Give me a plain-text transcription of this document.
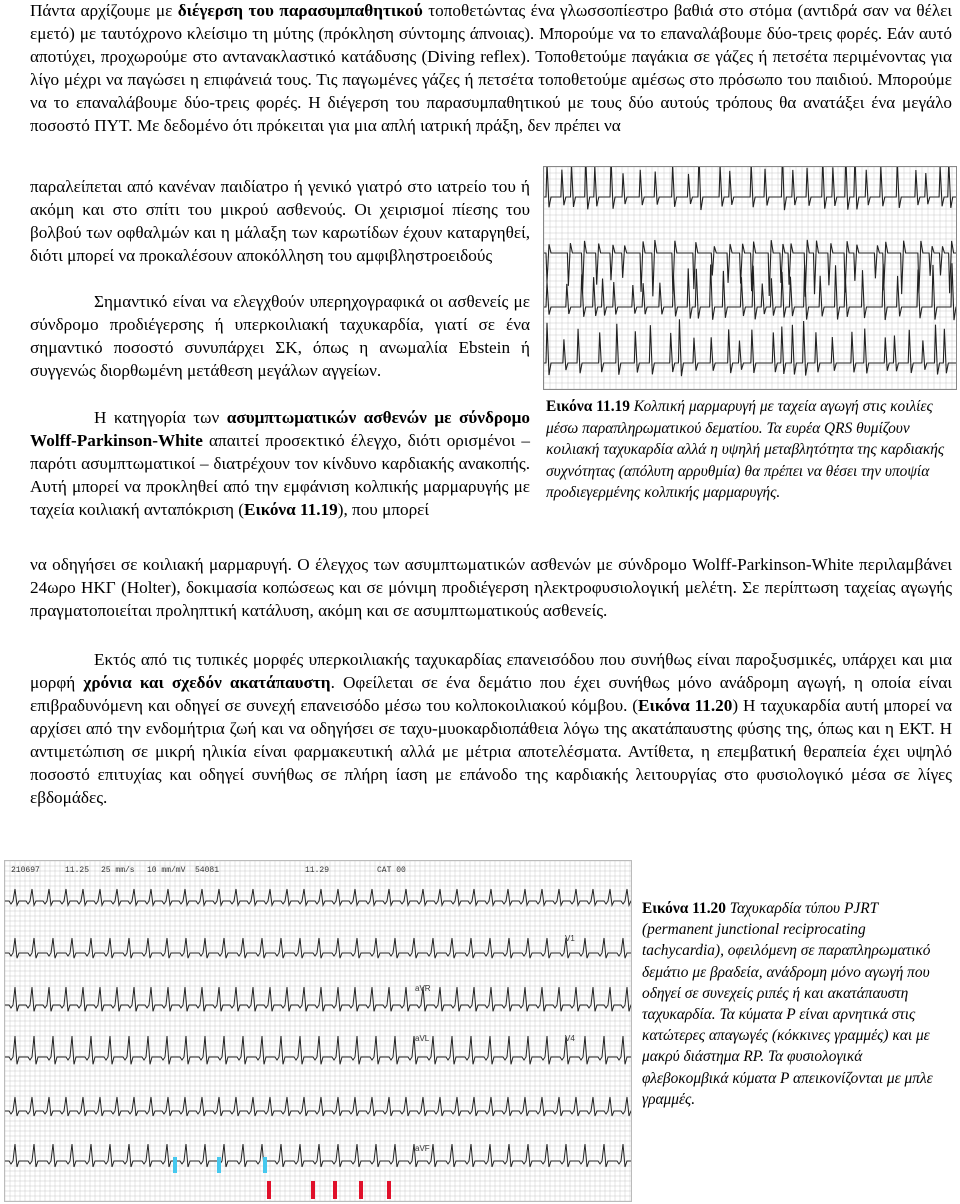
Πάντα αρχίζουμε με διέγερση του παρασυμπαθητικού τοποθετώντας ένα γλωσσοπίεστρο βαθιά στο στόμα (αντιδρά σαν να θέλει εμετό) με ταυτόχρονο κλείσιμο τη μύτης (πρόκληση σύντομης άπνοιας). Μπορούμε να το επαναλάβουμε δύο-τρεις φορές. Εάν αυτό αποτύχει, προχωρούμε στο αντανακλαστικό κατάδυσης (Diving reflex). Τοποθετούμε παγάκια σε γάζες ή πετσέτα περιμένοντας για λίγο μέχρι να παγώσει η επιφάνειά τους. Τις παγωμένες γάζες ή πετσέτα τοποθετούμε αμέσως στο πρόσωπο του παιδιού. Μπορούμε να το επαναλάβουμε δύο-τρεις φορές. Η διέγερση του παρασυμπαθητικού με τους δύο αυτούς τρόπους θα ανατάξει ένα μεγάλο ποσοστό ΠΥΤ. Με δεδομένο ότι πρόκειται για μια απλή ιατρική πράξη, δεν πρέπει να

παραλείπεται από κανέναν παιδίατρο ή γενικό γιατρό στο ιατρείο του ή ακόμη και στο σπίτι του μικρού ασθενούς. Οι χειρισμοί πίεσης του βολβού των οφθαλμών και η μάλαξη των καρωτίδων έχουν καταργηθεί, διότι μπορεί να προκαλέσουν αποκόλληση του αμφιβληστροειδούς

Σημαντικό είναι να ελεγχθούν υπερηχογραφικά οι ασθενείς με σύνδρομο προδιέγερσης ή υπερκοιλιακή ταχυκαρδία, γιατί σε ένα σημαντικό ποσοστό συνυπάρχει ΣΚ, όπως η ανωμαλία Ebstein ή συγγενώς διορθωμένη μετάθεση μεγάλων αγγείων.

Η κατηγορία των ασυμπτωματικών ασθενών με σύνδρομο Wolff-Parkinson-White απαιτεί προσεκτικό έλεγχο, διότι ορισμένοι – παρότι ασυμπτωματικοί – διατρέχουν τον κίνδυνο καρδιακής ανακοπής. Αυτή μπορεί να προκληθεί από την εμφάνιση κολπικής μαρμαρυγής με ταχεία κοιλιακή ανταπόκριση (Εικόνα 11.19), που μπορεί

Εικόνα 11.19 Κολπική μαρμαρυγή με ταχεία αγωγή στις κοιλίες μέσω παραπληρωματικού δεματίου. Τα ευρέα QRS θυμίζουν κοιλιακή ταχυκαρδία αλλά η υψηλή μεταβλητότητα της καρδιακής συχνότητας (απόλυτη αρρυθμία) θα πρέπει να θέσει την υποψία προδιεγερμένης κολπικής μαρμαρυγής.

να οδηγήσει σε κοιλιακή μαρμαρυγή. Ο έλεγχος των ασυμπτωματικών ασθενών με σύνδρομο Wolff-Parkinson-White περιλαμβάνει 24ωρο ΗΚΓ (Holter), δοκιμασία κοπώσεως και σε μόνιμη προδιέγερση ηλεκτροφυσιολογική μελέτη. Σε περίπτωση ταχείας αγωγής πραγματοποιείται προληπτική κατάλυση, ακόμη και σε ασυμπτωματικούς ασθενείς.

Εκτός από τις τυπικές μορφές υπερκοιλιακής ταχυκαρδίας επανεισόδου που συνήθως είναι παροξυσμικές, υπάρχει και μια μορφή χρόνια και σχεδόν ακατάπαυστη. Οφείλεται σε ένα δεμάτιο που έχει συνήθως μόνο ανάδρομη αγωγή, η οποία είναι επιβραδυνόμενη και οδηγεί σε συνεχή επανεισόδο μέσω του κολποκοιλιακού κόμβου. (Εικόνα 11.20) Η ταχυκαρδία αυτή μπορεί να αρχίσει από την ενδομήτρια ζωή και να οδηγήσει σε ταχυ-μυοκαρδιοπάθεια λόγω της ακατάπαυστης φύσης της, όπως και η ΕΚΤ. Η αντιμετώπιση σε μικρή ηλικία είναι φαρμακευτική αλλά με μέτρια αποτελέσματα. Αντίθετα, η επεμβατική θεραπεία έχει υψηλό ποσοστό επιτυχίας και οδηγεί συνήθως σε πλήρη ίαση με επάνοδο της καρδιακής λειτουργίας στο φυσιολογικό μέσα σε λίγες εβδομάδες.

210697	11.25 25 mm/s 10 mm/mV 54081	11.29	CAT 00
aVR
aVL
aVF
V1
V4

Εικόνα 11.20 Ταχυκαρδία τύπου PJRT (permanent junctional reciprocating tachycardia), οφειλόμενη σε παραπληρωματικό δεμάτιο με βραδεία, ανάδρομη μόνο αγωγή που οδηγεί σε συνεχείς ριπές ή και ακατάπαυστη ταχυκαρδία. Τα κύματα P είναι αρνητικά στις κατώτερες απαγωγές (κόκκινες γραμμές) και με μακρύ διάστημα RP. Τα φυσιολογικά φλεβοκομβικά κύματα P απεικονίζονται με μπλε γραμμές.
